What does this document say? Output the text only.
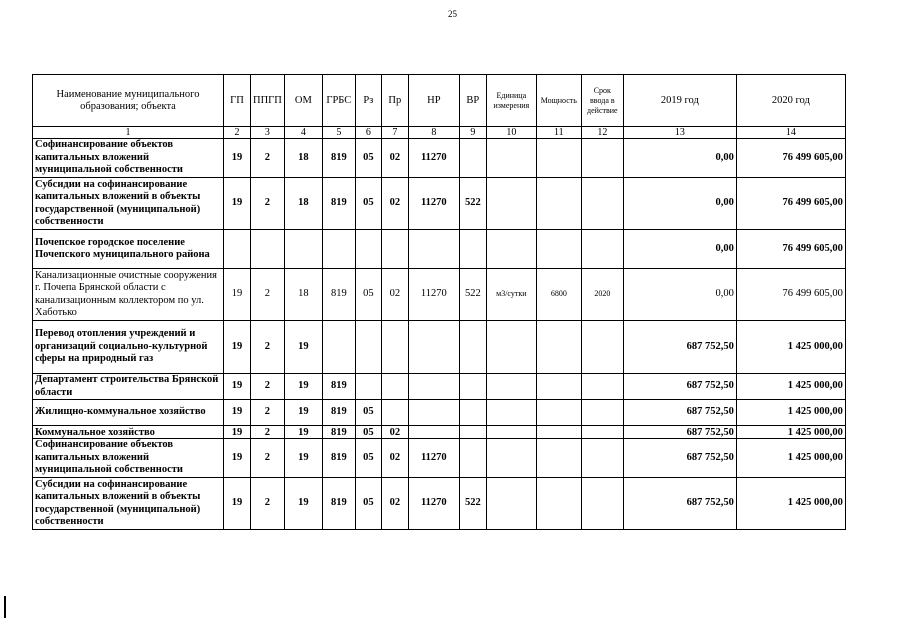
25
Наименование муниципального образования; объекта	ГП	ППГП	ОМ	ГРБС	Рз	Пр	НР	ВР	Единица измерения	Мощность	Срок ввода в действие	2019 год	2020 год
1	2	3	4	5	6	7	8	9	10	11	12	13	14
Софинансирование объектов капитальных вложений муниципальной собственности	19	2	18	819	05	02	11270					0,00	76 499 605,00
Субсидии на софинансирование капитальных вложений в объекты государственной (муниципальной) собственности	19	2	18	819	05	02	11270	522				0,00	76 499 605,00
Почепское городское поселение Почепского муниципального района												0,00	76 499 605,00
Канализационные очистные сооружения г. Почепа Брянской области с канализационным коллектором по ул. Хаботько	19	2	18	819	05	02	11270	522	м3/сутки	6800	2020	0,00	76 499 605,00
Перевод отопления учреждений и организаций социально-культурной сферы на природный газ	19	2	19									687 752,50	1 425 000,00
Департамент строительства Брянской области	19	2	19	819								687 752,50	1 425 000,00
Жилищно-коммунальное хозяйство	19	2	19	819	05							687 752,50	1 425 000,00
Коммунальное хозяйство	19	2	19	819	05	02						687 752,50	1 425 000,00
Софинансирование объектов капитальных вложений муниципальной собственности	19	2	19	819	05	02	11270					687 752,50	1 425 000,00
Субсидии на софинансирование капитальных вложений в объекты государственной (муниципальной) собственности	19	2	19	819	05	02	11270	522				687 752,50	1 425 000,00
